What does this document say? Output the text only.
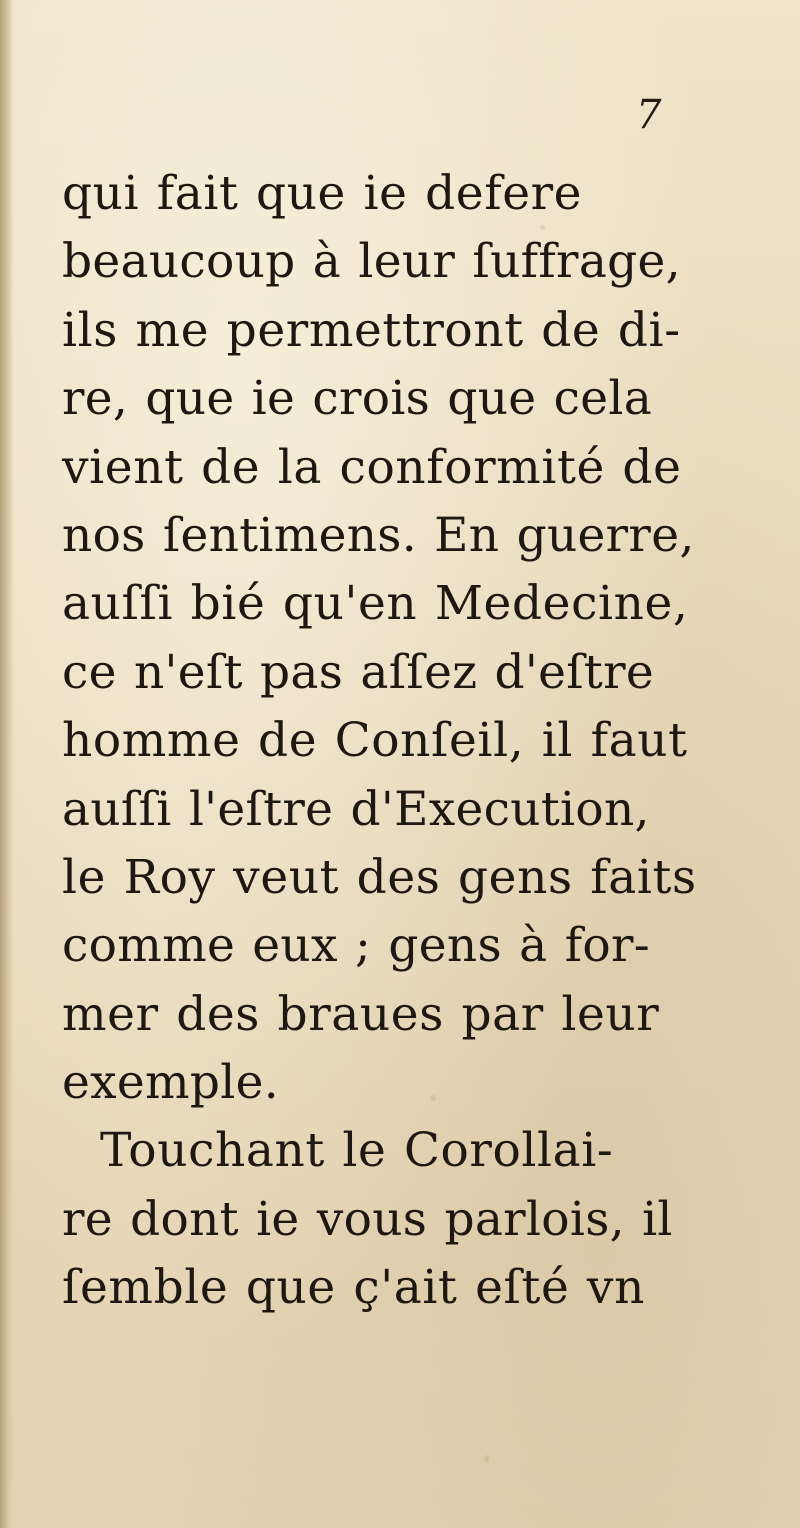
7
qui fait que ie defere
beaucoup à leur ſuffrage,
ils me permettront de di-
re, que ie crois que cela
vient de la conformité de
nos ſentimens. En guerre,
auſſi bié qu'en Medecine,
ce n'eſt pas aſſez d'eſtre
homme de Conſeil, il faut
auſſi l'eſtre d'Execution,
le Roy veut des gens faits
comme eux ; gens à for-
mer des braues par leur
exemple.
Touchant le Corollai-
re dont ie vous parlois, il
ſemble que ç'ait eſté vn
